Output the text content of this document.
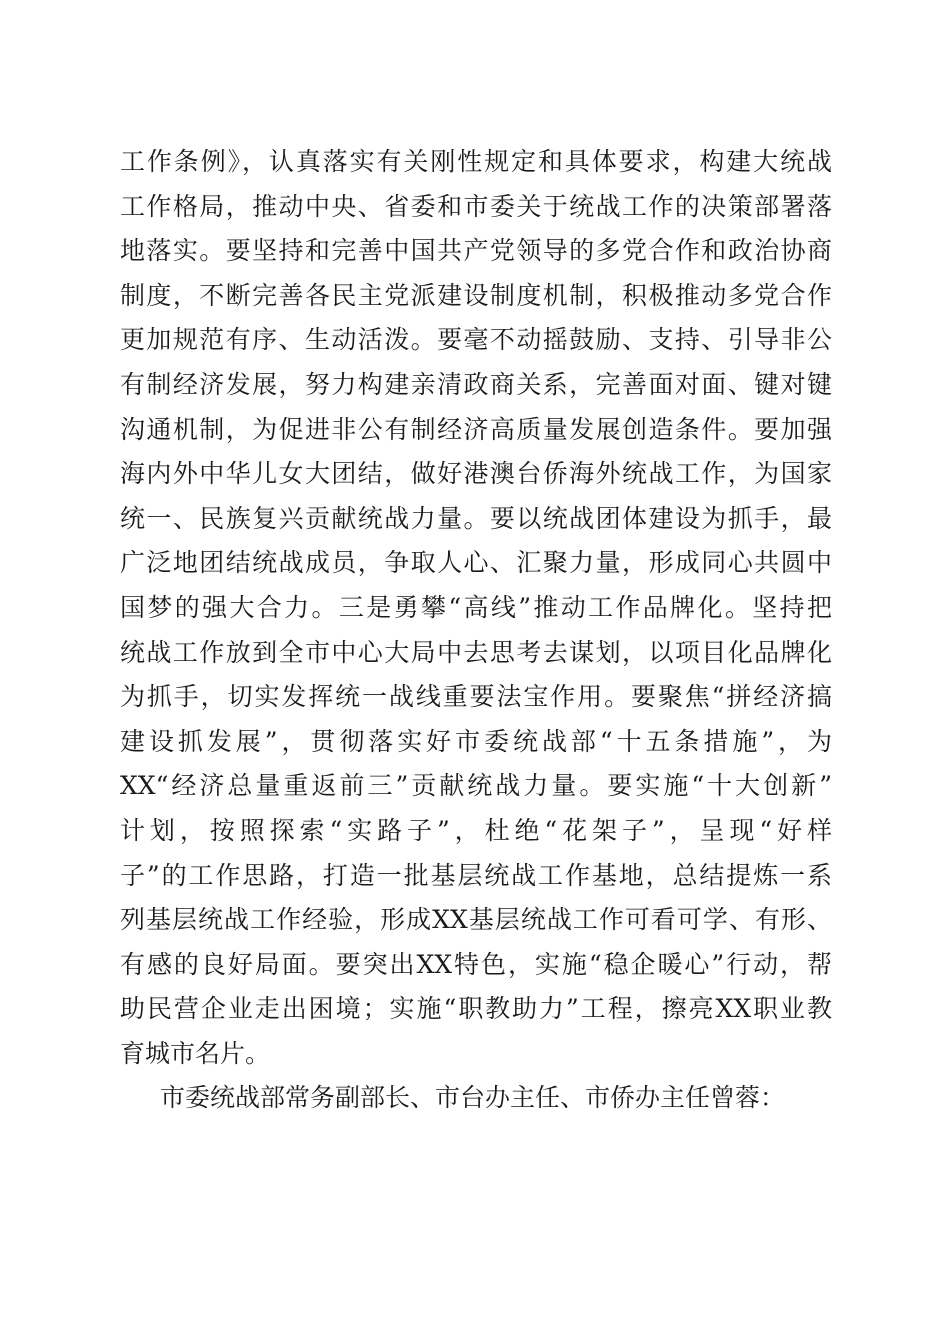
工作条例》，认真落实有关刚性规定和具体要求，构建大统战
工作格局，推动中央、省委和市委关于统战工作的决策部署落
地落实。要坚持和完善中国共产党领导的多党合作和政治协商
制度，不断完善各民主党派建设制度机制，积极推动多党合作
更加规范有序、生动活泼。要毫不动摇鼓励、支持、引导非公
有制经济发展，努力构建亲清政商关系，完善面对面、键对键
沟通机制，为促进非公有制经济高质量发展创造条件。要加强
海内外中华儿女大团结，做好港澳台侨海外统战工作，为国家
统一、民族复兴贡献统战力量。要以统战团体建设为抓手，最
广泛地团结统战成员，争取人心、汇聚力量，形成同心共圆中
国梦的强大合力。三是勇攀“高线”推动工作品牌化。坚持把
统战工作放到全市中心大局中去思考去谋划，以项目化品牌化
为抓手，切实发挥统一战线重要法宝作用。要聚焦“拼经济搞
建设抓发展”，贯彻落实好市委统战部“十五条措施”，为
XX“经济总量重返前三”贡献统战力量。要实施“十大创新”
计划，按照探索“实路子”，杜绝“花架子”，呈现“好样
子”的工作思路，打造一批基层统战工作基地，总结提炼一系
列基层统战工作经验，形成XX基层统战工作可看可学、有形、
有感的良好局面。要突出XX特色，实施“稳企暖心”行动，帮
助民营企业走出困境；实施“职教助力”工程，擦亮XX职业教
育城市名片。
市委统战部常务副部长、市台办主任、市侨办主任曾蓉：
